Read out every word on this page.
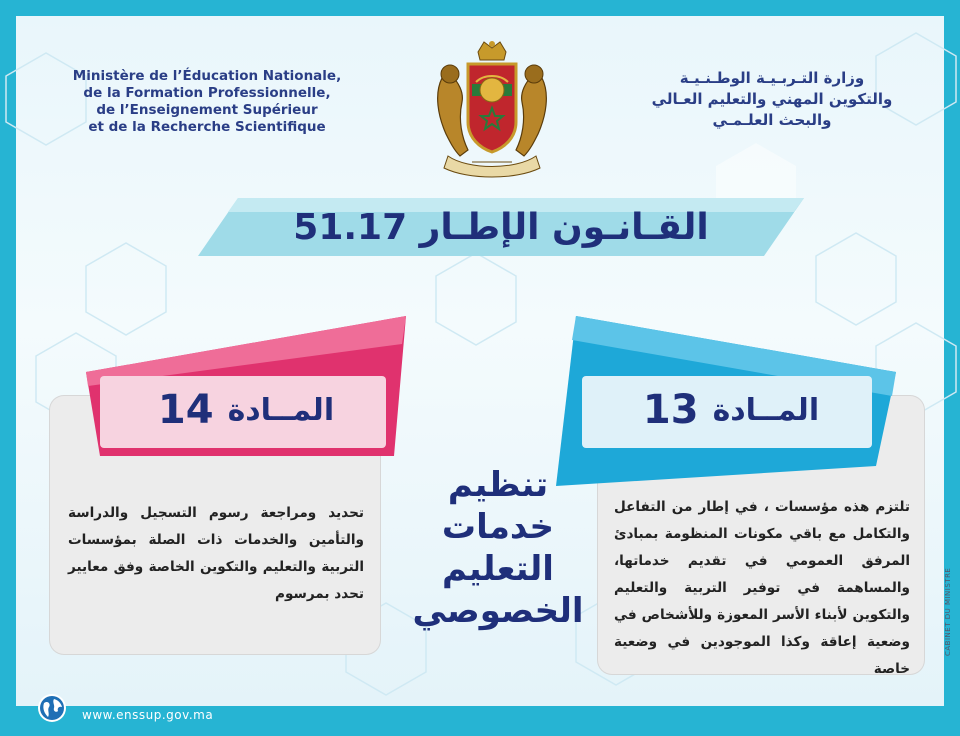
Ministère de l’Éducation Nationale,
de la Formation Professionnelle,
de l’Enseignement Supérieur
et de la Recherche Scientifique
وزارة التـربـيـة الوطـنـيـة
والتكوين المهني والتعليم العـالي
والبحث العلـمـي
القـانـون الإطـار 51.17
تحديد ومراجعة رسوم التسجيل والدراسة والتأمين والخدمات ذات الصلة بمؤسسات التربية والتعليم والتكوين الخاصة وفق معايير تحدد بمرسوم
تلتزم هذه مؤسسات ، في إطار من التفاعل والتكامل مع باقي مكونات المنظومة بمبادئ المرفق العمومي في تقديم خدماتها، والمساهمة في توفير التربية والتعليم والتكوين لأبناء الأسر المعوزة وللأشخاص في وضعية إعاقة وكذا الموجودين في وضعية خاصة
المــادة
14	المــادة
13
تنظيم
خدمات
التعليم
الخصوصي	CABINET DU MINISTRE
www.enssup.gov.ma
